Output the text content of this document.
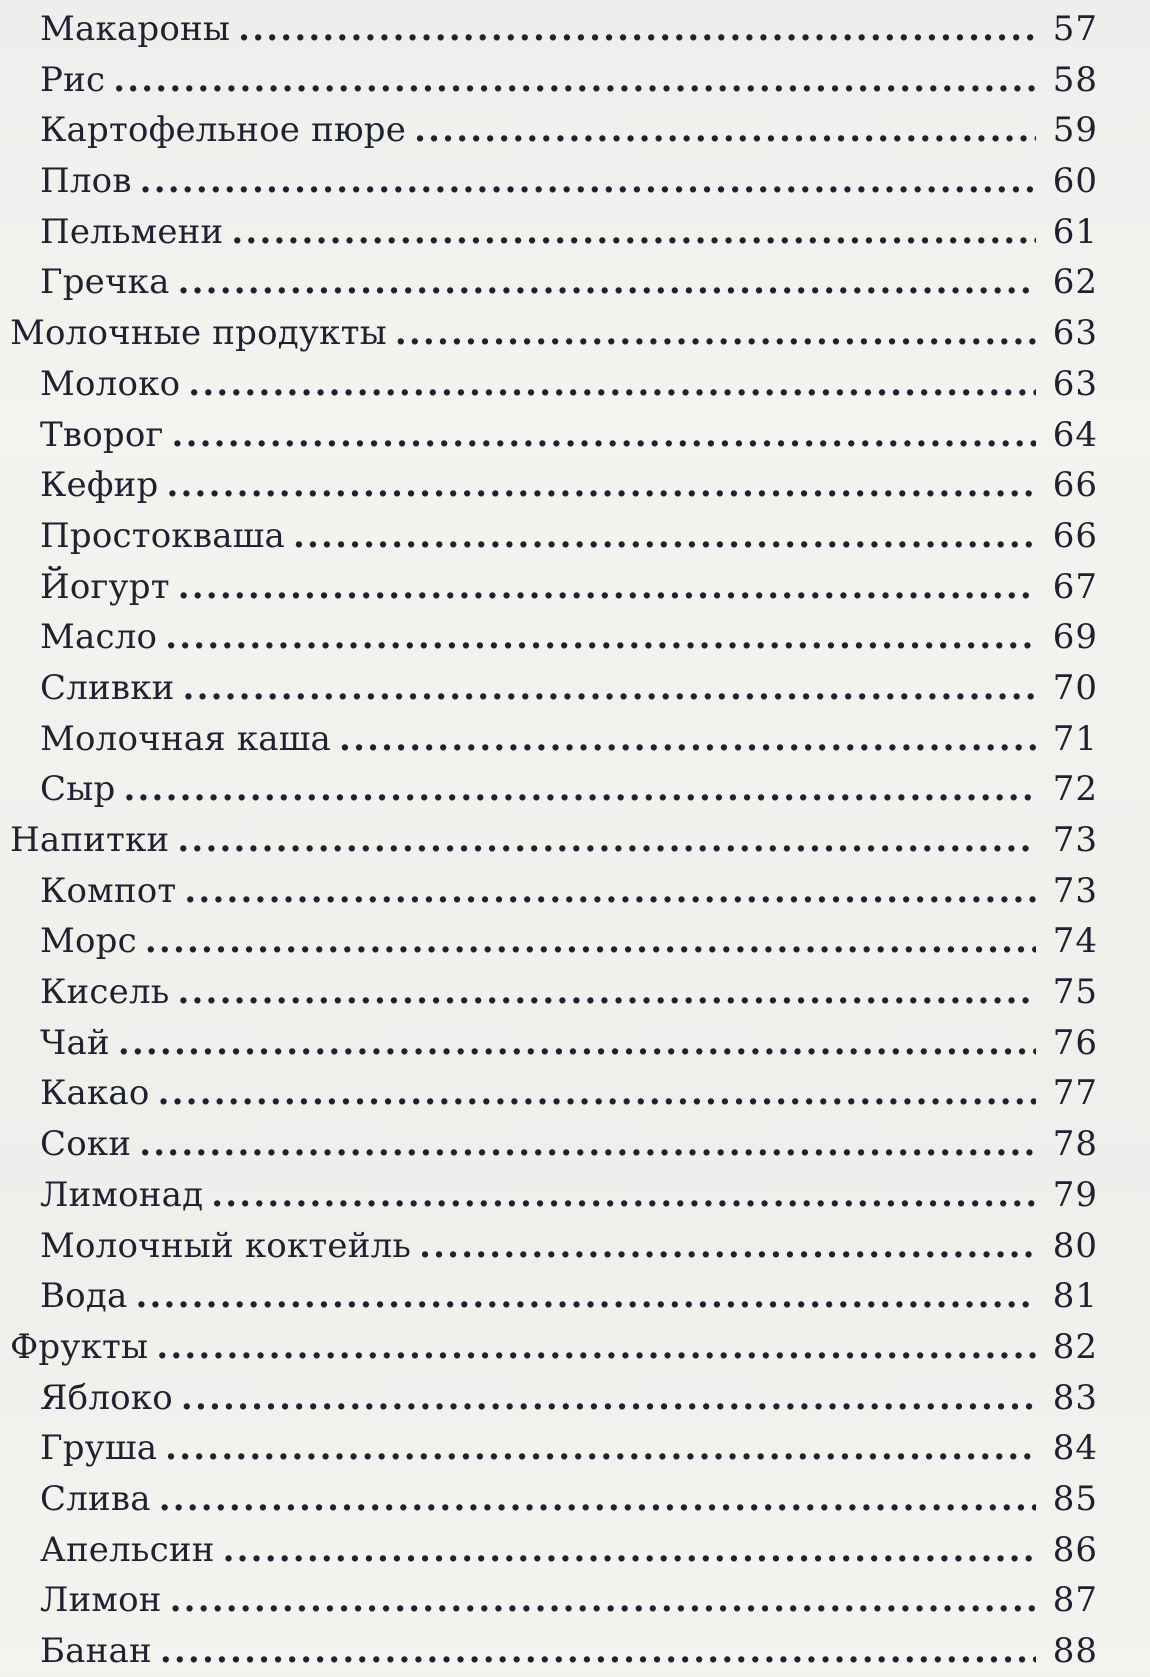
Макароны .....	57
Рис .....	58
Картофельное пюре .....	59
Плов .....	60
Пельмени .....	61
Гречка .....	62
Молочные продукты .....	63
Молоко .....	63
Творог .....	64
Кефир .....	66
Простокваша .....	66
Йогурт .....	67
Масло .....	69
Сливки .....	70
Молочная каша .....	71
Сыр .....	72
Напитки .....	73
Компот .....	73
Морс .....	74
Кисель .....	75
Чай .....	76
Какао .....	77
Соки .....	78
Лимонад .....	79
Молочный коктейль .....	80
Вода .....	81
Фрукты .....	82
Яблоко .....	83
Груша .....	84
Слива .....	85
Апельсин .....	86
Лимон .....	87
Банан .....	88
